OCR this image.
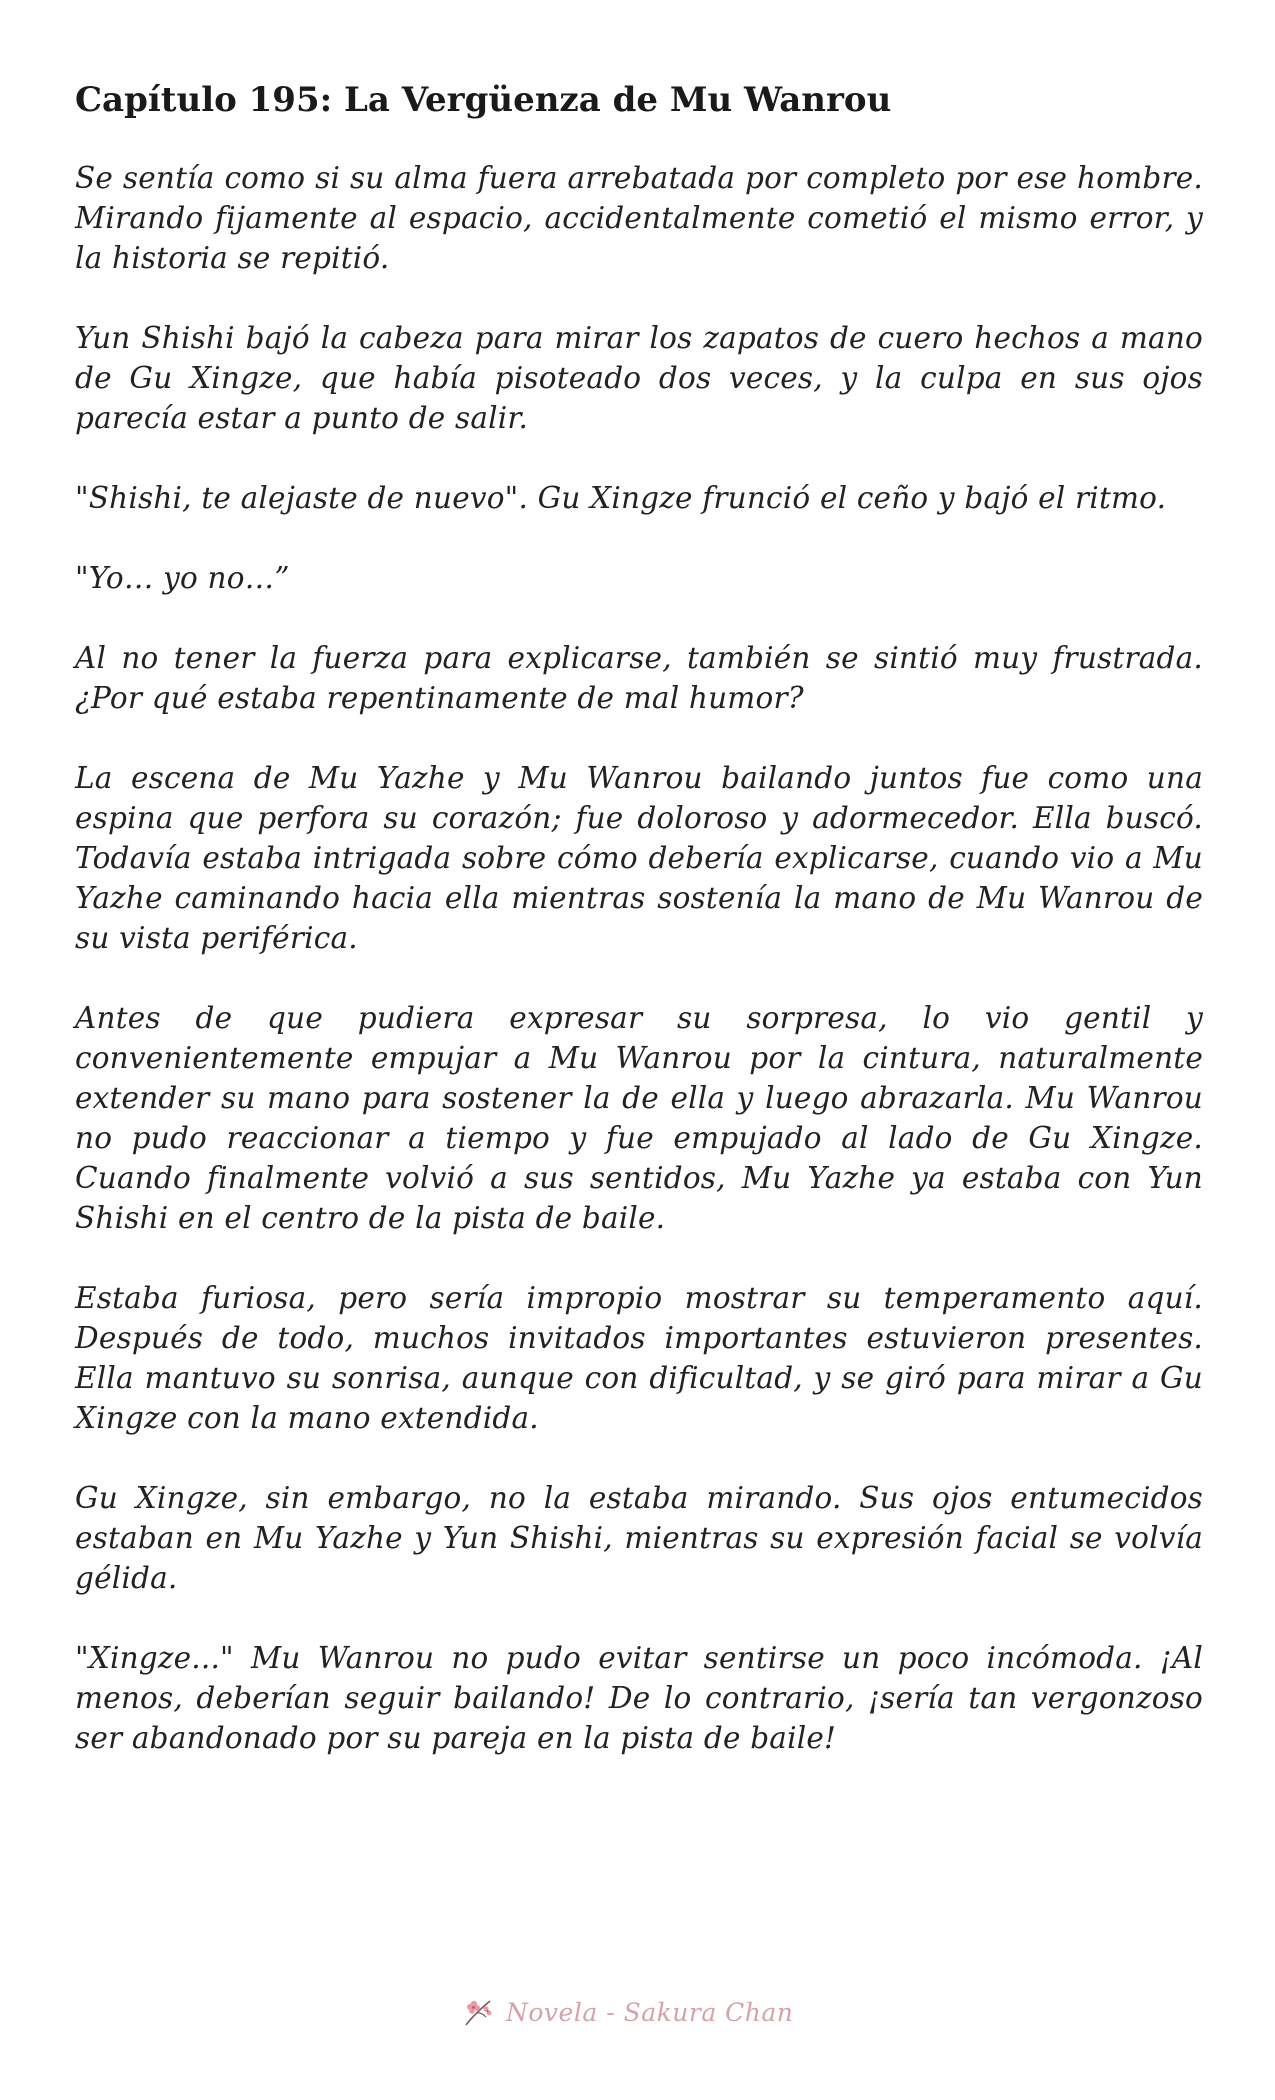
Capítulo 195: La Vergüenza de Mu Wanrou

Se sentía como si su alma fuera arrebatada por completo por ese hombre. Mirando fijamente al espacio, accidentalmente cometió el mismo error, y la historia se repitió.

Yun Shishi bajó la cabeza para mirar los zapatos de cuero hechos a mano de Gu Xingze, que había pisoteado dos veces, y la culpa en sus ojos parecía estar a punto de salir.

"Shishi, te alejaste de nuevo". Gu Xingze frunció el ceño y bajó el ritmo.

"Yo… yo no…”

Al no tener la fuerza para explicarse, también se sintió muy frustrada. ¿Por qué estaba repentinamente de mal humor?

La escena de Mu Yazhe y Mu Wanrou bailando juntos fue como una espina que perfora su corazón; fue doloroso y adormecedor. Ella buscó. Todavía estaba intrigada sobre cómo debería explicarse, cuando vio a Mu Yazhe caminando hacia ella mientras sostenía la mano de Mu Wanrou de su vista periférica.

Antes de que pudiera expresar su sorpresa, lo vio gentil y convenientemente empujar a Mu Wanrou por la cintura, naturalmente extender su mano para sostener la de ella y luego abrazarla. Mu Wanrou no pudo reaccionar a tiempo y fue empujado al lado de Gu Xingze. Cuando finalmente volvió a sus sentidos, Mu Yazhe ya estaba con Yun Shishi en el centro de la pista de baile.

Estaba furiosa, pero sería impropio mostrar su temperamento aquí. Después de todo, muchos invitados importantes estuvieron presentes. Ella mantuvo su sonrisa, aunque con dificultad, y se giró para mirar a Gu Xingze con la mano extendida.

Gu Xingze, sin embargo, no la estaba mirando. Sus ojos entumecidos estaban en Mu Yazhe y Yun Shishi, mientras su expresión facial se volvía gélida.

"Xingze..." Mu Wanrou no pudo evitar sentirse un poco incómoda. ¡Al menos, deberían seguir bailando! De lo contrario, ¡sería tan vergonzoso ser abandonado por su pareja en la pista de baile!

Novela - Sakura Chan
